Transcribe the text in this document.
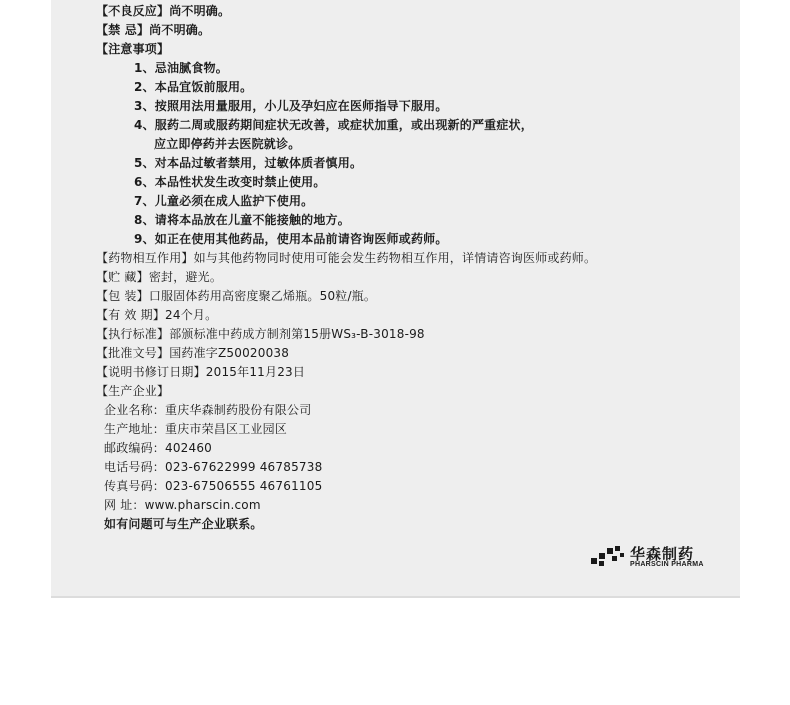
【不良反应】尚不明确。
【禁 忌】尚不明确。
【注意事项】
1、忌油腻食物。
2、本品宜饭前服用。
3、按照用法用量服用，小儿及孕妇应在医师指导下服用。
4、服药二周或服药期间症状无改善，或症状加重，或出现新的严重症状，
应立即停药并去医院就诊。
5、对本品过敏者禁用，过敏体质者慎用。
6、本品性状发生改变时禁止使用。
7、儿童必须在成人监护下使用。
8、请将本品放在儿童不能接触的地方。
9、如正在使用其他药品，使用本品前请咨询医师或药师。
【药物相互作用】如与其他药物同时使用可能会发生药物相互作用，详情请咨询医师或药师。
【贮 藏】密封，避光。
【包 装】口服固体药用高密度聚乙烯瓶。50粒/瓶。
【有 效 期】24个月。
【执行标准】部颁标准中药成方制剂第15册WS₃-B-3018-98
【批准文号】国药准字Z50020038
【说明书修订日期】2015年11月23日
【生产企业】
企业名称：重庆华森制药股份有限公司
生产地址：重庆市荣昌区工业园区
邮政编码：402460
电话号码：023-67622999 46785738
传真号码：023-67506555 46761105
网 址：www.pharscin.com
如有问题可与生产企业联系。
华森制药
PHARSCIN PHARMA
